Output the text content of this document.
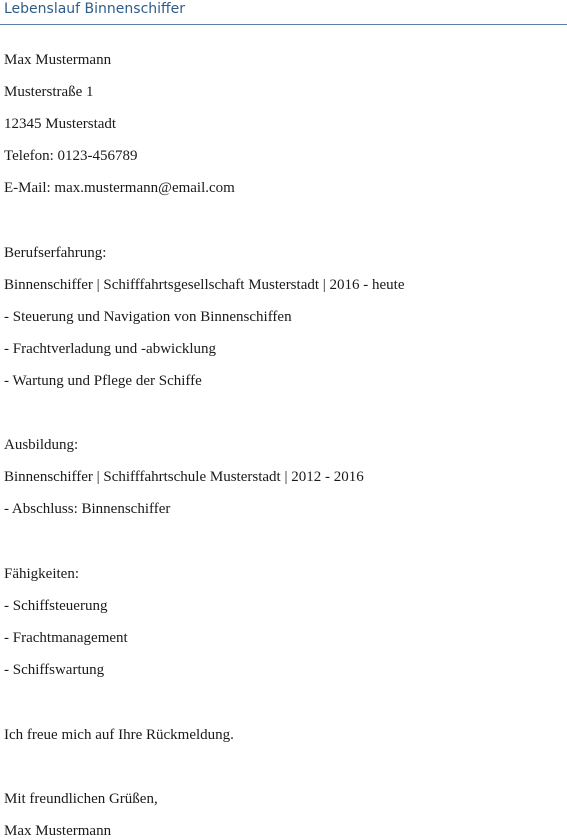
Lebenslauf Binnenschiffer
Max Mustermann
Musterstraße 1
12345 Musterstadt
Telefon: 0123-456789
E-Mail: max.mustermann@email.com
Berufserfahrung:
Binnenschiffer | Schifffahrtsgesellschaft Musterstadt | 2016 - heute
- Steuerung und Navigation von Binnenschiffen
- Frachtverladung und -abwicklung
- Wartung und Pflege der Schiffe
Ausbildung:
Binnenschiffer | Schifffahrtschule Musterstadt | 2012 - 2016
- Abschluss: Binnenschiffer
Fähigkeiten:
- Schiffsteuerung
- Frachtmanagement
- Schiffswartung
Ich freue mich auf Ihre Rückmeldung.
Mit freundlichen Grüßen,
Max Mustermann
